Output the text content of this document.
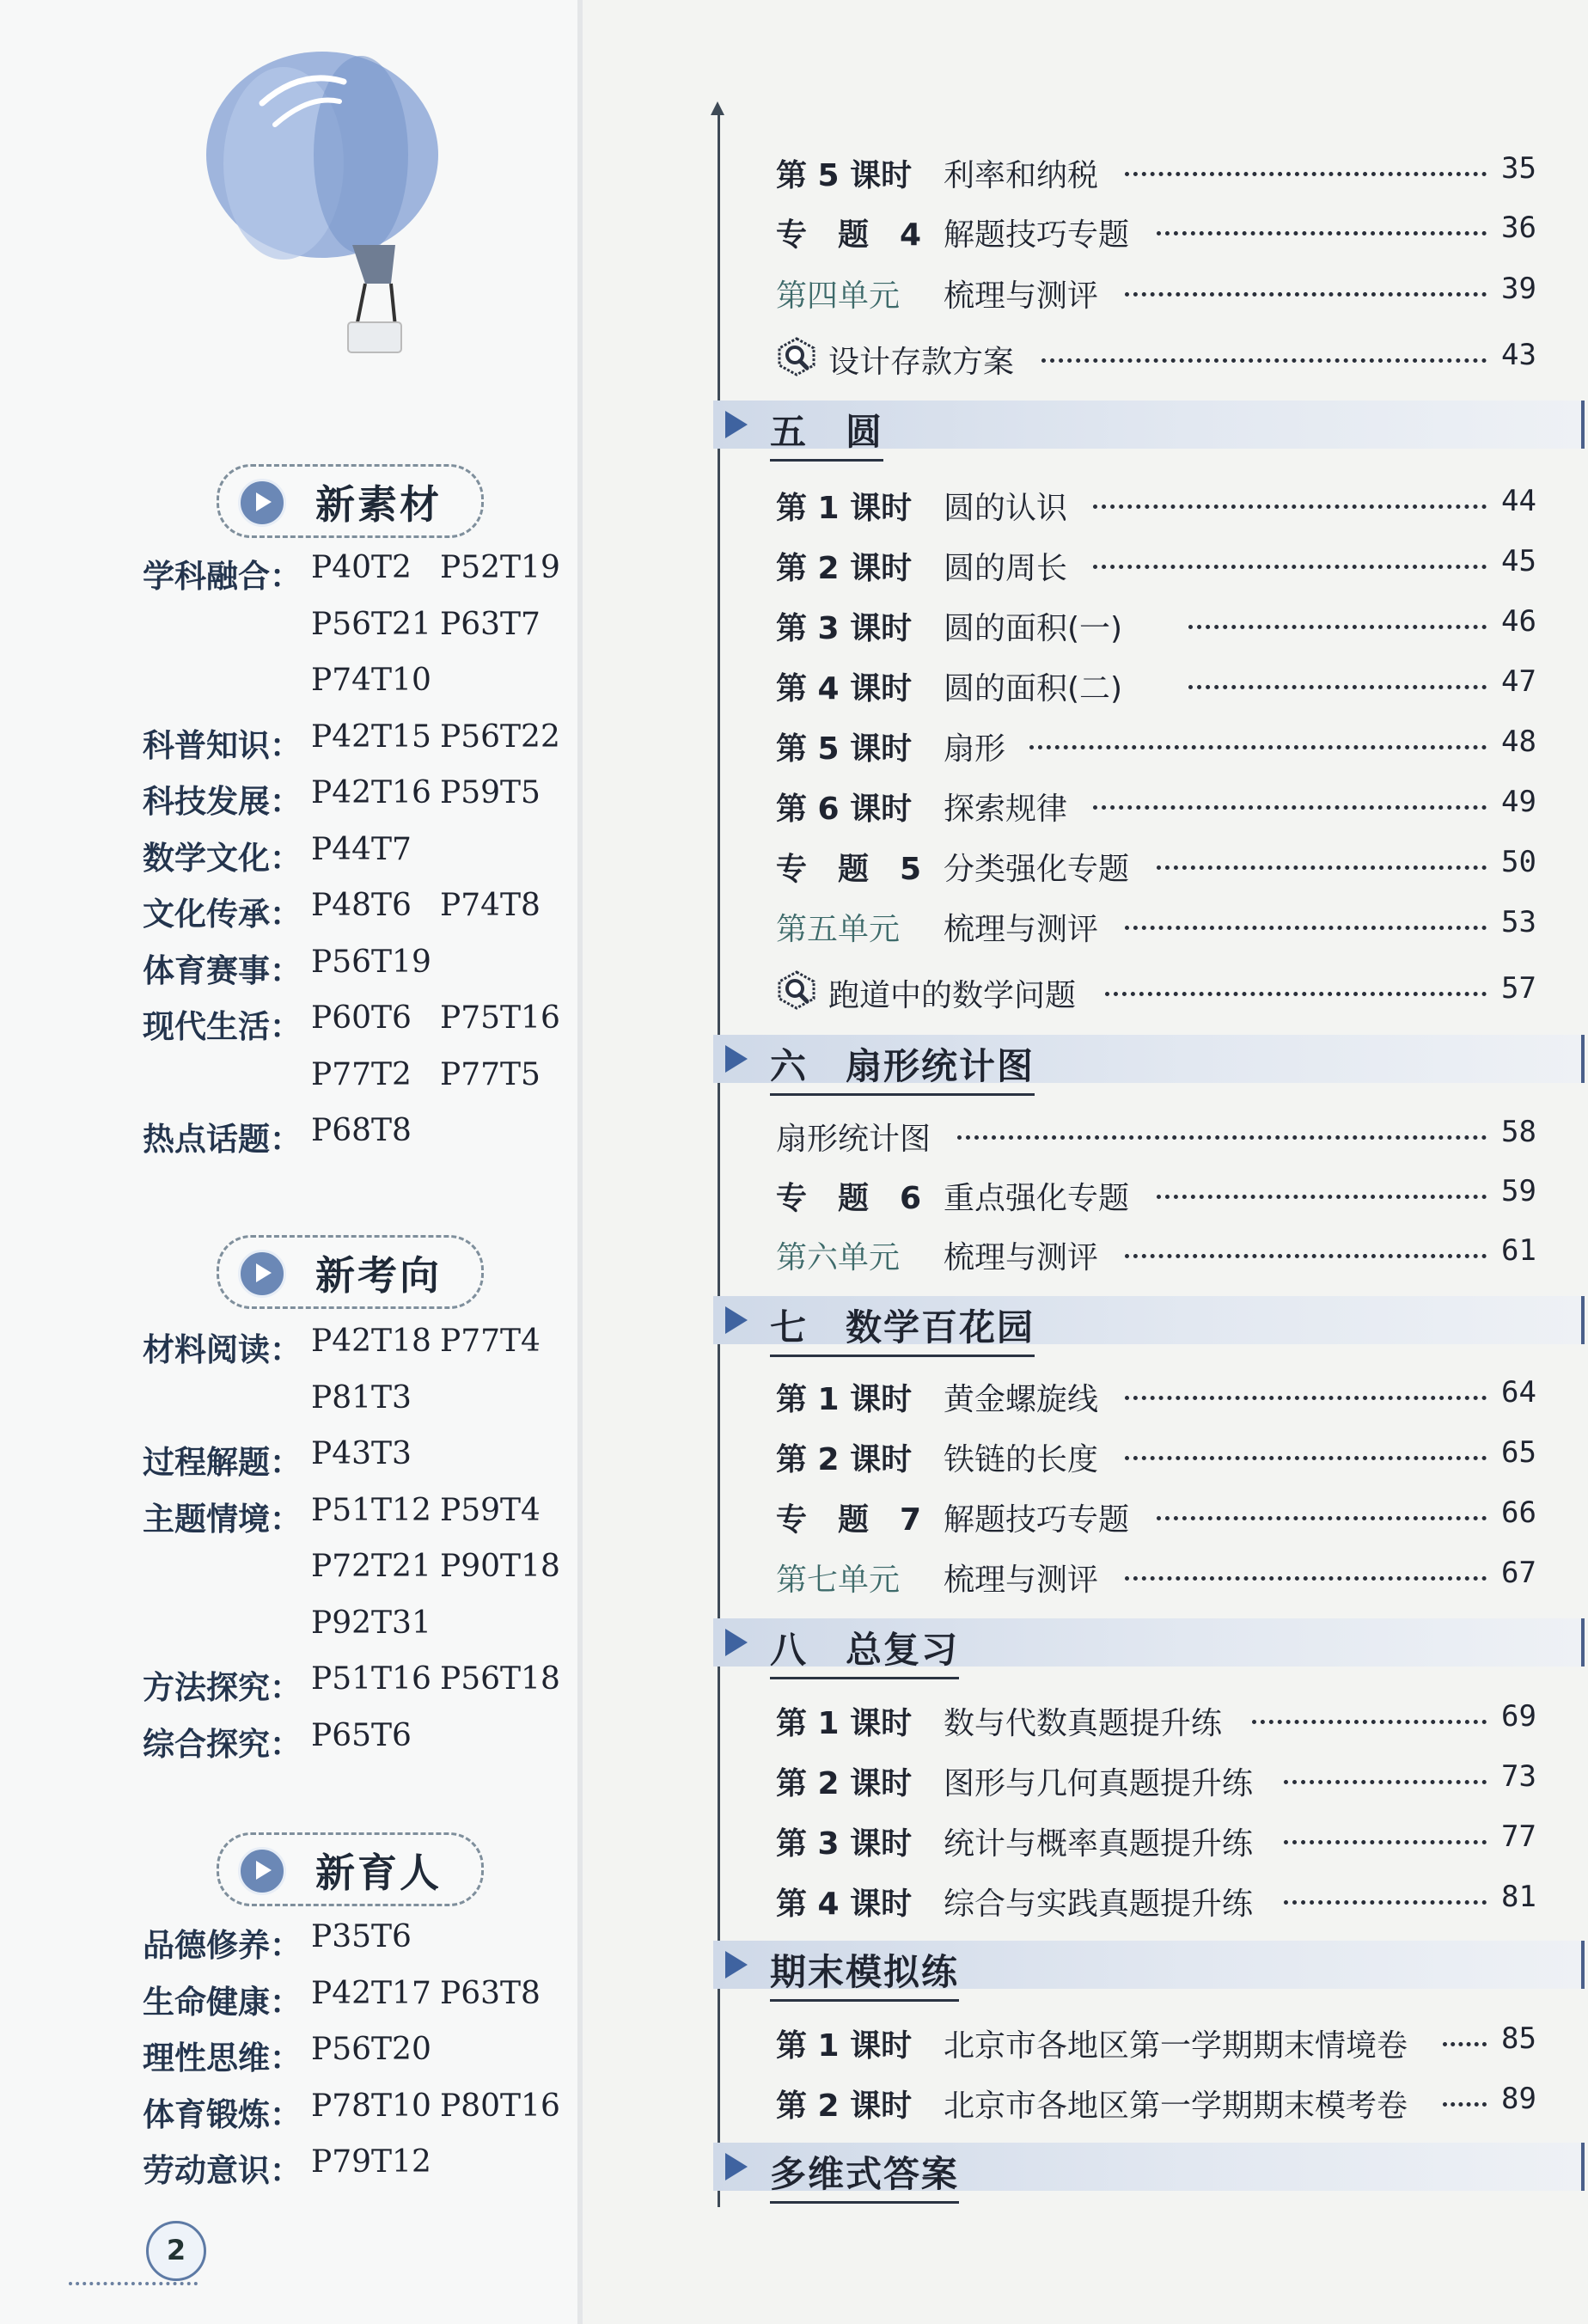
新素材
新考向
新育人
2
学科融合： P40T2 P52T19
P56T21 P63T7
P74T10
科普知识： P42T15 P56T22
科技发展： P42T16 P59T5
数学文化： P44T7
文化传承： P48T6 P74T8
体育赛事： P56T19
现代生活： P60T6 P75T16
P77T2 P77T5
热点话题： P68T8
材料阅读： P42T18 P77T4
P81T3
过程解题： P43T3
主题情境： P51T12 P59T4
P72T21 P90T18
P92T31
方法探究： P51T16 P56T18
综合探究： P65T6
品德修养： P35T6
生命健康： P42T17 P63T8
理性思维： P56T20
体育锻炼： P78T10 P80T16
劳动意识： P79T12
第 5 课时 利率和纳税	35
专　题　4 解题技巧专题	36
第四单元 梳理与测评	39
设计存款方案	43
五　圆
第 1 课时 圆的认识	44
第 2 课时 圆的周长	45
第 3 课时 圆的面积(一)	46
第 4 课时 圆的面积(二)	47
第 5 课时 扇形	48
第 6 课时 探索规律	49
专　题　5 分类强化专题	50
第五单元 梳理与测评	53
跑道中的数学问题	57
六　扇形统计图
扇形统计图	58
专　题　6 重点强化专题	59
第六单元 梳理与测评	61
七　数学百花园
第 1 课时 黄金螺旋线	64
第 2 课时 铁链的长度	65
专　题　7 解题技巧专题	66
第七单元 梳理与测评	67
八　总复习
第 1 课时 数与代数真题提升练	69
第 2 课时 图形与几何真题提升练	73
第 3 课时 统计与概率真题提升练	77
第 4 课时 综合与实践真题提升练	81
期末模拟练
第 1 课时 北京市各地区第一学期期末情境卷	85
第 2 课时 北京市各地区第一学期期末模考卷	89
多维式答案
